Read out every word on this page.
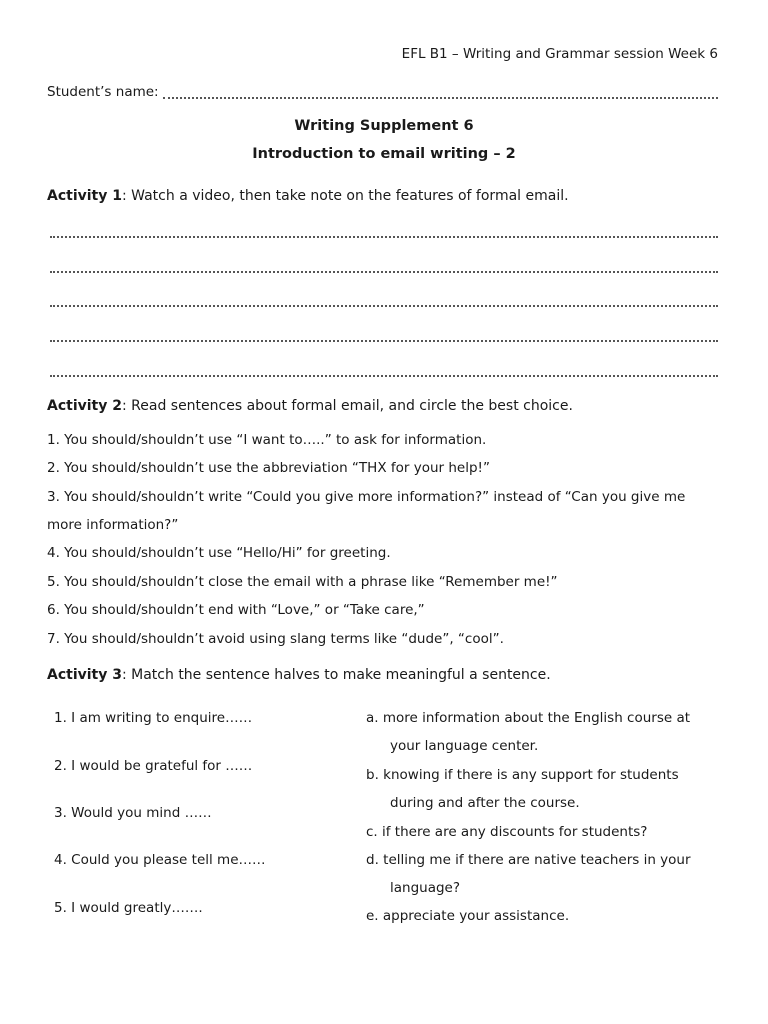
EFL B1 – Writing and Grammar session Week 6
Student’s name:
Writing Supplement 6
Introduction to email writing – 2
Activity 1: Watch a video, then take note on the features of formal email.
Activity 2: Read sentences about formal email, and circle the best choice.
1. You should/shouldn’t use “I want to…..” to ask for information.
2. You should/shouldn’t use the abbreviation “THX for your help!”
3. You should/shouldn’t write “Could you give more information?” instead of “Can you give me
more information?”
4. You should/shouldn’t use “Hello/Hi” for greeting.
5. You should/shouldn’t close the email with a phrase like “Remember me!”
6. You should/shouldn’t end with “Love,” or “Take care,”
7. You should/shouldn’t avoid using slang terms like “dude”, “cool”.
Activity 3: Match the sentence halves to make meaningful a sentence.
1. I am writing to enquire……
2. I would be grateful for ……
3. Would you mind ……
4. Could you please tell me……
5. I would greatly…….
a. more information about the English course at
your language center.
b. knowing if there is any support for students
during and after the course.
c. if there are any discounts for students?
d. telling me if there are native teachers in your
language?
e. appreciate your assistance.
